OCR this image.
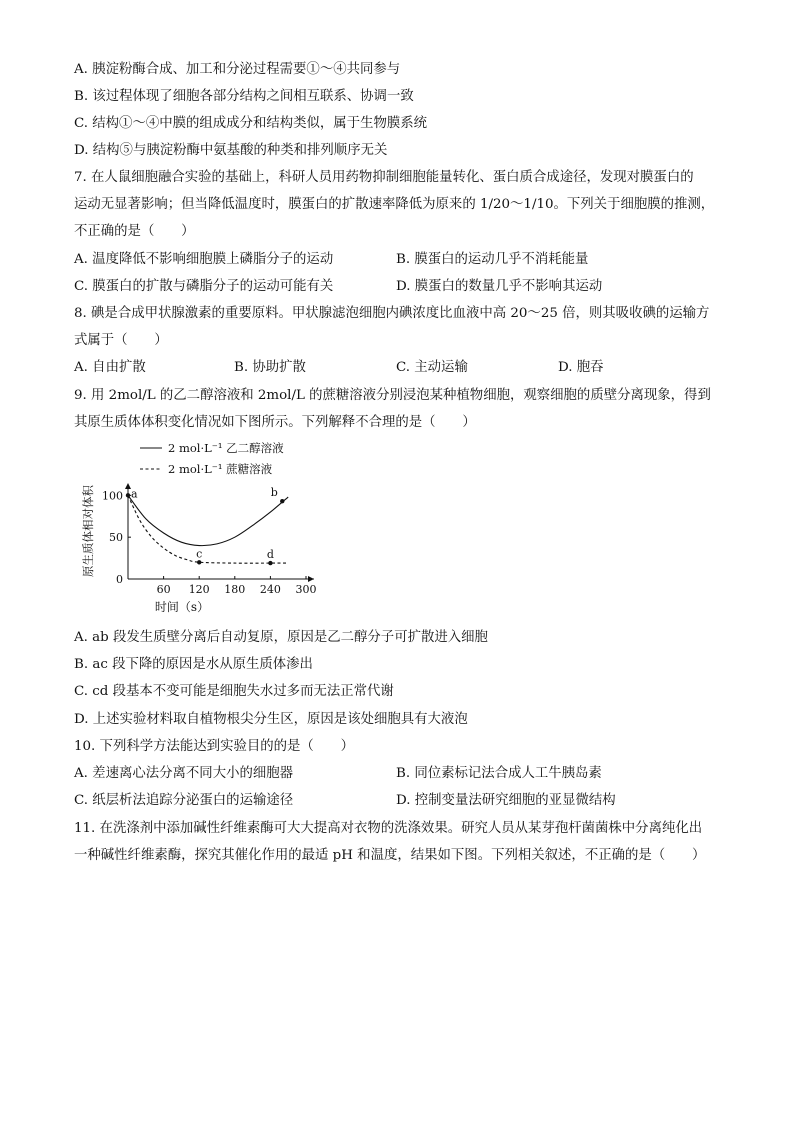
A. 胰淀粉酶合成、加工和分泌过程需要①～④共同参与
B. 该过程体现了细胞各部分结构之间相互联系、协调一致
C. 结构①～④中膜的组成成分和结构类似，属于生物膜系统
D. 结构⑤与胰淀粉酶中氨基酸的种类和排列顺序无关
7. 在人鼠细胞融合实验的基础上，科研人员用药物抑制细胞能量转化、蛋白质合成途径，发现对膜蛋白的
运动无显著影响；但当降低温度时，膜蛋白的扩散速率降低为原来的 1/20～1/10。下列关于细胞膜的推测，
不正确的是（　　）
A. 温度降低不影响细胞膜上磷脂分子的运动	B. 膜蛋白的运动几乎不消耗能量
C. 膜蛋白的扩散与磷脂分子的运动可能有关	D. 膜蛋白的数量几乎不影响其运动
8. 碘是合成甲状腺激素的重要原料。甲状腺滤泡细胞内碘浓度比血液中高 20～25 倍，则其吸收碘的运输方
式属于（　　）
A. 自由扩散	B. 协助扩散	C. 主动运输	D. 胞吞
9. 用 2mol/L 的乙二醇溶液和 2mol/L 的蔗糖溶液分别浸泡某种植物细胞，观察细胞的质壁分离现象，得到
其原生质体体积变化情况如下图所示。下列解释不合理的是（　　）
2 mol·L⁻¹ 乙二醇溶液
2 mol·L⁻¹ 蔗糖溶液
60 120 180 240 300
0
50
100
时间（s）
原生质体相对体积	a	b
c	d
A. ab 段发生质壁分离后自动复原，原因是乙二醇分子可扩散进入细胞
B. ac 段下降的原因是水从原生质体渗出
C. cd 段基本不变可能是细胞失水过多而无法正常代谢
D. 上述实验材料取自植物根尖分生区，原因是该处细胞具有大液泡
10. 下列科学方法能达到实验目的的是（　　）
A. 差速离心法分离不同大小的细胞器	B. 同位素标记法合成人工牛胰岛素
C. 纸层析法追踪分泌蛋白的运输途径	D. 控制变量法研究细胞的亚显微结构
11. 在洗涤剂中添加碱性纤维素酶可大大提高对衣物的洗涤效果。研究人员从某芽孢杆菌菌株中分离纯化出
一种碱性纤维素酶，探究其催化作用的最适 pH 和温度，结果如下图。下列相关叙述，不正确的是（　　）
